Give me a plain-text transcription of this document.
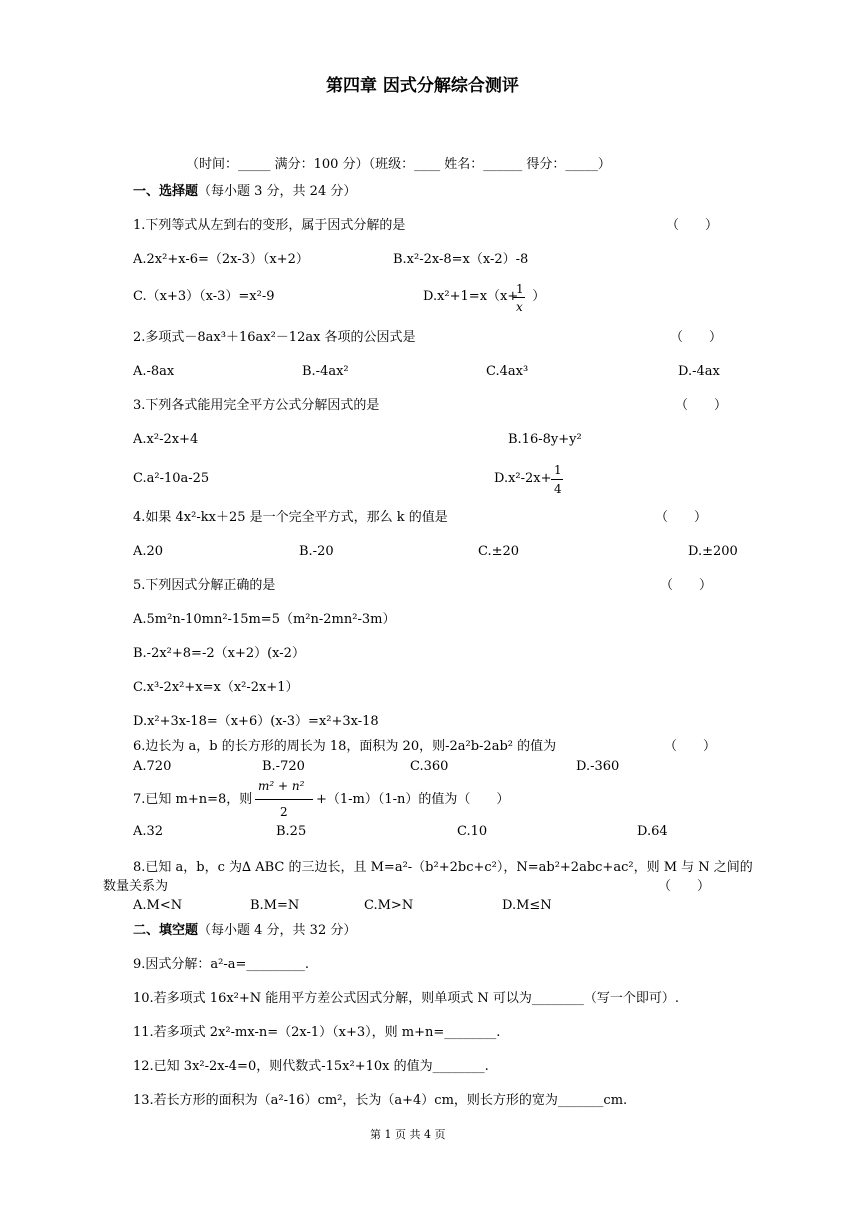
第四章 因式分解综合测评
（时间：_____ 满分：100 分）（班级：____ 姓名：______ 得分：_____）
一、选择题（每小题 3 分，共 24 分）
1.下列等式从左到右的变形，属于因式分解的是	（　　）
A.2x²+x-6=（2x-3）（x+2）	B.x²-2x-8=x（x-2）-8
C.（x+3）（x-3）=x²-9	D.x²+1=x（x+ ）
1
x
2.多项式－8ax³＋16ax²－12ax 各项的公因式是	（　　）
A.-8ax	B.-4ax²	C.4ax³	D.-4ax
3.下列各式能用完全平方公式分解因式的是	（　　）
A.x²-2x+4	B.16-8y+y²
C.a²-10a-25	D.x²-2x+
1
4
4.如果 4x²-kx＋25 是一个完全平方式，那么 k 的值是	（　　）
A.20	B.-20	C.±20	D.±200
5.下列因式分解正确的是	（　　）
A.5m²n-10mn²-15m=5（m²n-2mn²-3m）
B.-2x²+8=-2（x+2）(x-2）
C.x³-2x²+x=x（x²-2x+1）
D.x²+3x-18=（x+6）(x-3）=x²+3x-18
6.边长为 a，b 的长方形的周长为 18，面积为 20，则-2a²b-2ab² 的值为	（　　）
A.720	B.-720	C.360	D.-360
7.已知 m+n=8，则
m² + n²
2
+（1-m）（1-n）的值为（　　）
A.32	B.25	C.10	D.64
8.已知 a，b，c 为∆ ABC 的三边长，且 M=a²-（b²+2bc+c²），N=ab²+2abc+ac²，则 M 与 N 之间的
数量关系为	（　　）
A.M<N	B.M=N	C.M>N	D.M≤N
二、填空题（每小题 4 分，共 32 分）
9.因式分解：a²-a=_________.
10.若多项式 16x²+N 能用平方差公式因式分解，则单项式 N 可以为________（写一个即可）.
11.若多项式 2x²-mx-n=（2x-1）（x+3），则 m+n=________.
12.已知 3x²-2x-4=0，则代数式-15x²+10x 的值为________.
13.若长方形的面积为（a²-16）cm²，长为（a+4）cm，则长方形的宽为_______cm.
第 1 页 共 4 页
